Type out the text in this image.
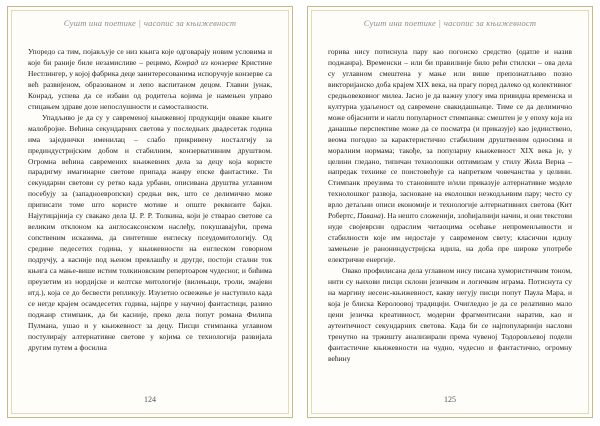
Сушт ина поетике | часопис за књижевност

Упоредо са тим, појављује се низ књига које одговарају новим условима и које би раније биле незамисливе – рецимо, Конрад из конзерве Кристине Нестлингер, у којој фабрика деце заинтересованима испоручује конзерве са већ развијеном, образованом и лепо васпитаном децом. Главни јунак, Конрад, успева да се избави од родитеља којима је намењен управо стицањем здраве дозе непослушности и самосталности.

Упадљиво је да су у савременој књижевној продукцији овакве књиге малобројне. Већина секундарних светова у последњих двадесетак година има заједнички именилац – слабо прикривену носталгију за прединдустријским добом и стабилним, конзервативним друштвом. Огромна већина савремених књижевних дела за децу која користе парадигму имагинарне светове припада жанру епске фантастике. Ти секундарни светови су ретко када урбани, описивана друштва углавном посебују за (западноевропски) средњи век, што се делимично може приписати томе што користе мотиве и опште реквизите бајки. Најутицајнија су свакако дела Џ. Р. Р. Толкина, који је стварао светове са великим отклоном ка англосаксонском наслеђу, покушавајући, према сопственим исказима, да синтетише енглеску псеудомитологију. Од средине педесетих година, у књижевности на енглеском говорном подручју, а касније под њеном превлашћу и другде, постоји стални ток књига са мање-више истим толкиновским репертоаром чудесног, и бићима преузетим из нордијске и келтске митологије (вилењаци, троли, змајеви итд.), која се до бесвести репликују. Изузетно освежење је наступило када се негде крајем осамдесетих година, најпре у научној фантастици, развио поджанр стимпанк, да би касније, преко дела попут романа Филипа Пулмана, ушао и у књижевност за децу. Писци стимпанка углавном постулирају алтернативне светове у којима се технологија развијала другим путем а фосилна

124
Сушт ина поетике | часопис за књижевност

горива нису потиснула пару као погонско средство (одатле и назив поджанра). Временски – или би правилније било рећи стилски – ова дела су углавном смештена у мање или више препознатљиво позно викторијанско доба крајем XIX века, на прагу поред далеко од колективног средњовековног милеа. Јасно је да важну улогу има привидна временска и културна удаљеност од савремене свакидашњице. Тиме се да делимично може објаснити и наглu популарност стимпанка: смештен је у епоху која из данашње перспективе може да се посматра (и приказује) као јединствено, веома погодно за карактеристично стабилним друштвеним односима и моралним нормама; такође, за популарну књижевност XIX века је, у целини гледано, типичан технолошки оптимизам у стилу Жила Верна – напредак технике се поистовећује са напретком човечанства у целини. Стимпанк преузима то становиште и/или приказује алтернативне моделе технолошког развоја, засноване на еколошки неэкодљивим пару; често су врло детаљни описи економије и технологије алтернативних светова (Кит Робертс, Павана). На нешто сложенији, злоћијалнији начин, и они текстови нуде својеврсни одраслим читаоцима осећање непроменљивости и стабилности које им недостаје у савременом свету; класични идилу замењене је ранониндустријска идила, на доба пре широке употребе електричне енергије.

Овако профилисана дела углавном нису писана хумористичким тоном, нити су њихови писци склони језичким и логичким играма. Потиснута су на маргину несенс-књижевност, какву негују писци попут Паула Мара, и која је блиска Керолоовој традицији. Очигледно је да се релативно мало цени језичка креативност, модерни фрагментисани наратив, као и аутентичност секундарних светова. Када би се најпопуларнији наслови тренутно на тржишту анализирали према чувеној Тодоровљевој подели фантастичне књижевности на чудно, чудесно и фантастично, огромну већину

125
